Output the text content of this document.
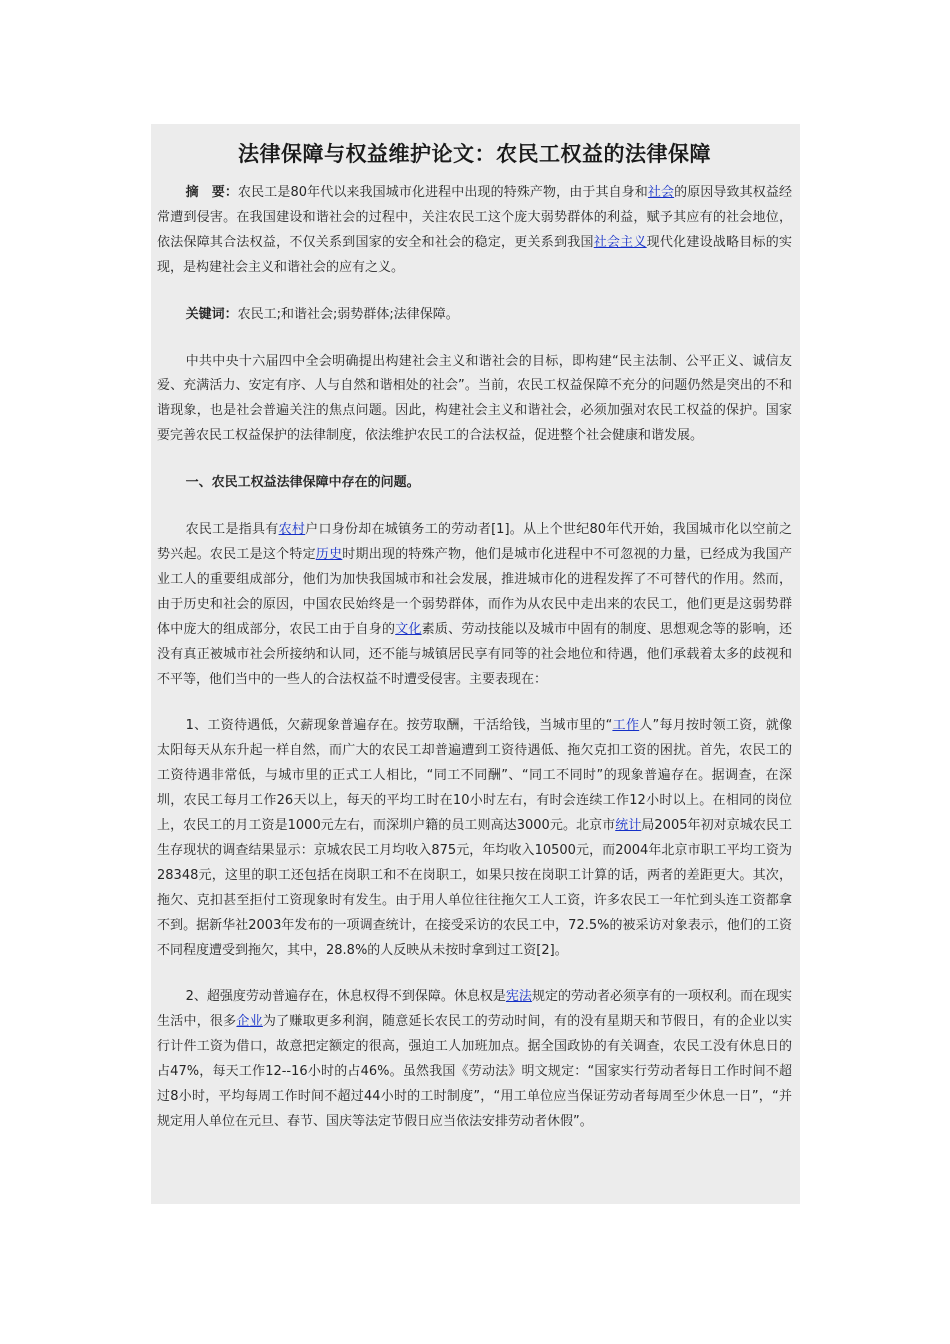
法律保障与权益维护论文：农民工权益的法律保障

摘　要：农民工是80年代以来我国城市化进程中出现的特殊产物，由于其自身和社会的原因导致其权益经常遭到侵害。在我国建设和谐社会的过程中，关注农民工这个庞大弱势群体的利益，赋予其应有的社会地位，依法保障其合法权益，不仅关系到国家的安全和社会的稳定，更关系到我国社会主义现代化建设战略目标的实现，是构建社会主义和谐社会的应有之义。

关键词：农民工;和谐社会;弱势群体;法律保障。

中共中央十六届四中全会明确提出构建社会主义和谐社会的目标，即构建“民主法制、公平正义、诚信友爱、充满活力、安定有序、人与自然和谐相处的社会”。当前，农民工权益保障不充分的问题仍然是突出的不和谐现象，也是社会普遍关注的焦点问题。因此，构建社会主义和谐社会，必须加强对农民工权益的保护。国家要完善农民工权益保护的法律制度，依法维护农民工的合法权益，促进整个社会健康和谐发展。

一、农民工权益法律保障中存在的问题。

农民工是指具有农村户口身份却在城镇务工的劳动者[1]。从上个世纪80年代开始，我国城市化以空前之势兴起。农民工是这个特定历史时期出现的特殊产物，他们是城市化进程中不可忽视的力量，已经成为我国产业工人的重要组成部分，他们为加快我国城市和社会发展，推进城市化的进程发挥了不可替代的作用。然而，由于历史和社会的原因，中国农民始终是一个弱势群体，而作为从农民中走出来的农民工，他们更是这弱势群体中庞大的组成部分，农民工由于自身的文化素质、劳动技能以及城市中固有的制度、思想观念等的影响，还没有真正被城市社会所接纳和认同，还不能与城镇居民享有同等的社会地位和待遇，他们承载着太多的歧视和不平等，他们当中的一些人的合法权益不时遭受侵害。主要表现在：

1、工资待遇低，欠薪现象普遍存在。按劳取酬，干活给钱，当城市里的“工作人”每月按时领工资，就像太阳每天从东升起一样自然，而广大的农民工却普遍遭到工资待遇低、拖欠克扣工资的困扰。首先，农民工的工资待遇非常低，与城市里的正式工人相比，“同工不同酬”、“同工不同时”的现象普遍存在。据调查，在深圳，农民工每月工作26天以上，每天的平均工时在10小时左右，有时会连续工作12小时以上。在相同的岗位上，农民工的月工资是1000元左右，而深圳户籍的员工则高达3000元。北京市统计局2005年初对京城农民工生存现状的调查结果显示：京城农民工月均收入875元，年均收入10500元，而2004年北京市职工平均工资为28348元，这里的职工还包括在岗职工和不在岗职工，如果只按在岗职工计算的话，两者的差距更大。其次，拖欠、克扣甚至拒付工资现象时有发生。由于用人单位往往拖欠工人工资，许多农民工一年忙到头连工资都拿不到。据新华社2003年发布的一项调查统计，在接受采访的农民工中，72.5%的被采访对象表示，他们的工资不同程度遭受到拖欠，其中，28.8%的人反映从未按时拿到过工资[2]。

2、超强度劳动普遍存在，休息权得不到保障。休息权是宪法规定的劳动者必须享有的一项权利。而在现实生活中，很多企业为了赚取更多利润，随意延长农民工的劳动时间，有的没有星期天和节假日，有的企业以实行计件工资为借口，故意把定额定的很高，强迫工人加班加点。据全国政协的有关调查，农民工没有休息日的占47%，每天工作12--16小时的占46%。虽然我国《劳动法》明文规定：“国家实行劳动者每日工作时间不超过8小时，平均每周工作时间不超过44小时的工时制度”，“用工单位应当保证劳动者每周至少休息一日”，“并规定用人单位在元旦、春节、国庆等法定节假日应当依法安排劳动者休假”。
